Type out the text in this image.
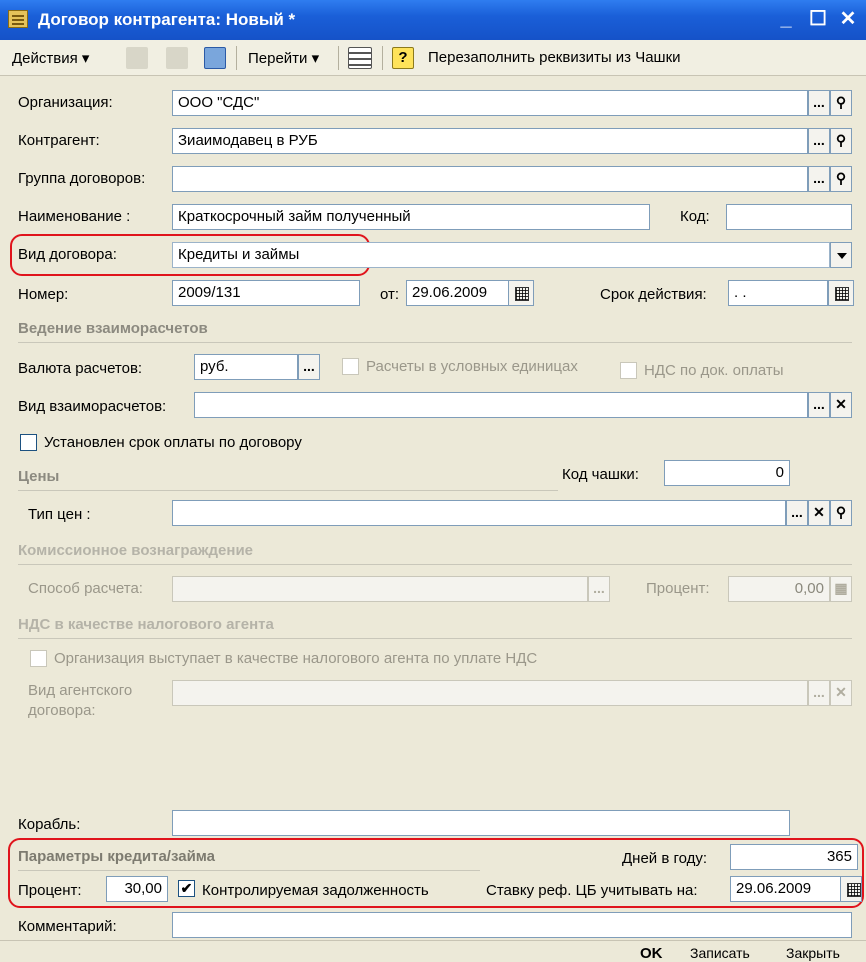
Договор контрагента: Новый *	_ ☐ ✕
Действия ▾	Перейти ▾	?	Перезаполнить реквизиты из Чашки
Организация:	ООО "СДС"	... ⚲
Контрагент:	Зиаимодавец в РУБ	... ⚲
Группа договоров:	... ⚲
Наименование :	Краткосрочный займ полученный	Код:
Вид договора:	Кредиты и займы
Номер:	2009/131	от: 29.06.2009	Срок действия:	. .
Ведение взаиморасчетов
Валюта расчетов:	руб.	...	Расчеты в условных единицах	НДС по док. оплаты
Вид взаиморасчетов:	... ✕
Установлен срок оплаты по договору
Цены	Код чашки:	0
Тип цен :	... ✕ ⚲
Комиссионное вознаграждение
Способ расчета:	...	Процент:	0,00 ▦
НДС в качестве налогового агента
Организация выступает в качестве налогового агента по уплате НДС
Вид агентского
договора:
... ✕
Корабль:
Параметры кредита/займа	Дней в году:	365
Процент:	30,00	✔ Контролируемая задолженность	Ставку реф. ЦБ учитывать на:	29.06.2009
Комментарий:
OK Записать	Закрыть
